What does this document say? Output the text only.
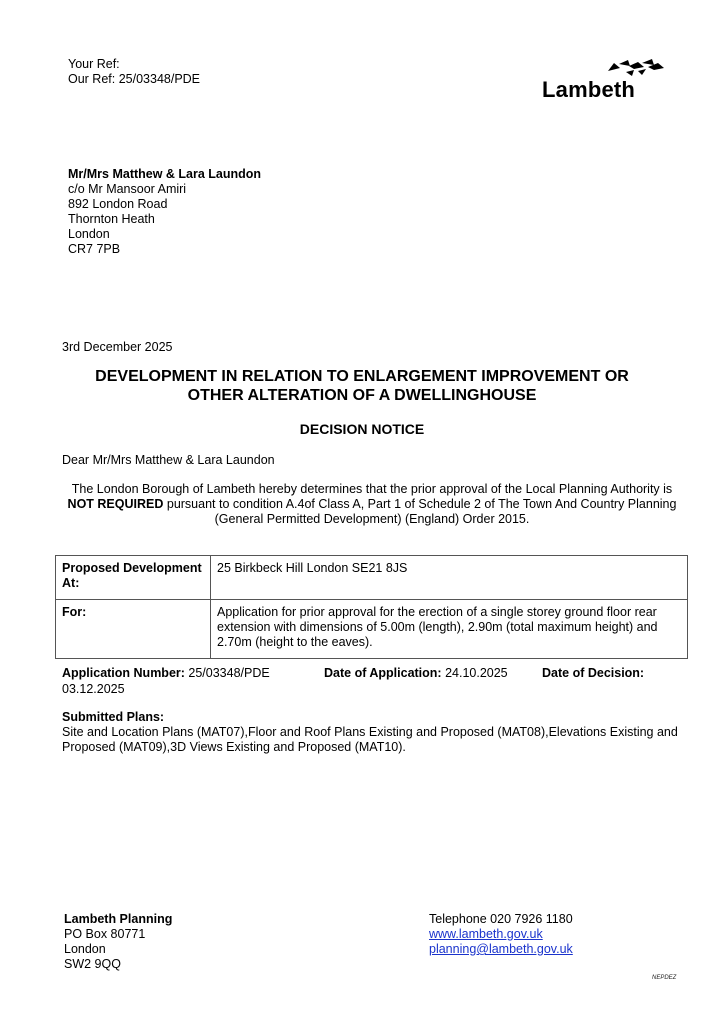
Your Ref:
Our Ref: 25/03348/PDE	Lambeth
Mr/Mrs Matthew & Lara Laundon
c/o Mr Mansoor Amiri
892 London Road
Thornton Heath
London
CR7 7PB
3rd December 2025
DEVELOPMENT IN RELATION TO ENLARGEMENT IMPROVEMENT OR
OTHER ALTERATION OF A DWELLINGHOUSE
DECISION NOTICE
Dear Mr/Mrs Matthew & Lara Laundon
The London Borough of Lambeth hereby determines that the prior approval of the Local Planning Authority is NOT REQUIRED pursuant to condition A.4of Class A, Part 1 of Schedule 2 of The Town And Country Planning (General Permitted Development) (England) Order 2015.
Proposed Development At:	25 Birkbeck Hill London SE21 8JS
For:	Application for prior approval for the erection of a single storey ground floor rear extension with dimensions of 5.00m (length), 2.90m (total maximum height) and 2.70m (height to the eaves).
Application Number: 25/03348/PDE	Date of Application: 24.10.2025	Date of Decision:
03.12.2025
Submitted Plans:
Site and Location Plans (MAT07),Floor and Roof Plans Existing and Proposed (MAT08),Elevations Existing and Proposed (MAT09),3D Views Existing and Proposed (MAT10).
Lambeth Planning
PO Box 80771
London
SW2 9QQ
Telephone 020 7926 1180
www.lambeth.gov.uk
planning@lambeth.gov.uk
NEPDEZ
